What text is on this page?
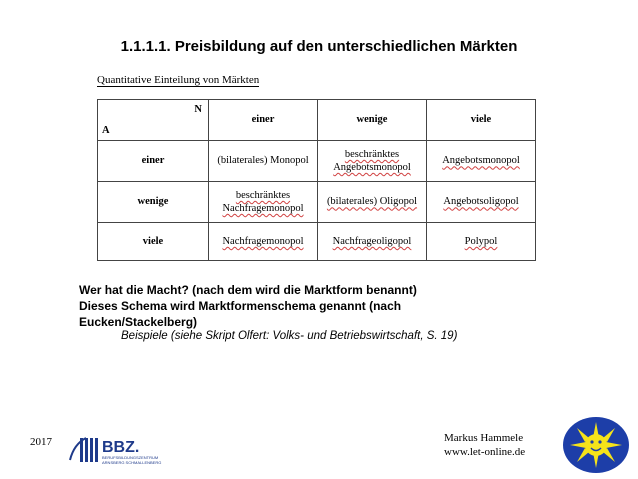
1.1.1.1. Preisbildung auf den unterschiedlichen Märkten
Quantitative Einteilung von Märkten
N
A	einer	wenige	viele
einer	(bilaterales) Monopol	beschränktes Angebotsmonopol	Angebotsmonopol
wenige	beschränktes Nachfragemonopol	(bilaterales) Oligopol	Angebotsoligopol
viele	Nachfragemonopol	Nachfrageoligopol	Polypol
Wer hat die Macht? (nach dem wird die Marktform benannt)
Dieses Schema wird Marktformenschema genannt (nach
Eucken/Stackelberg)
Beispiele (siehe Skript Olfert: Volks- und Betriebswirtschaft, S. 19)
2017	BBZ.
BERUFSBILDUNGSZENTRUM
ARNSBERG SCHMALLENBERG
Markus Hammele
www.let-online.de
